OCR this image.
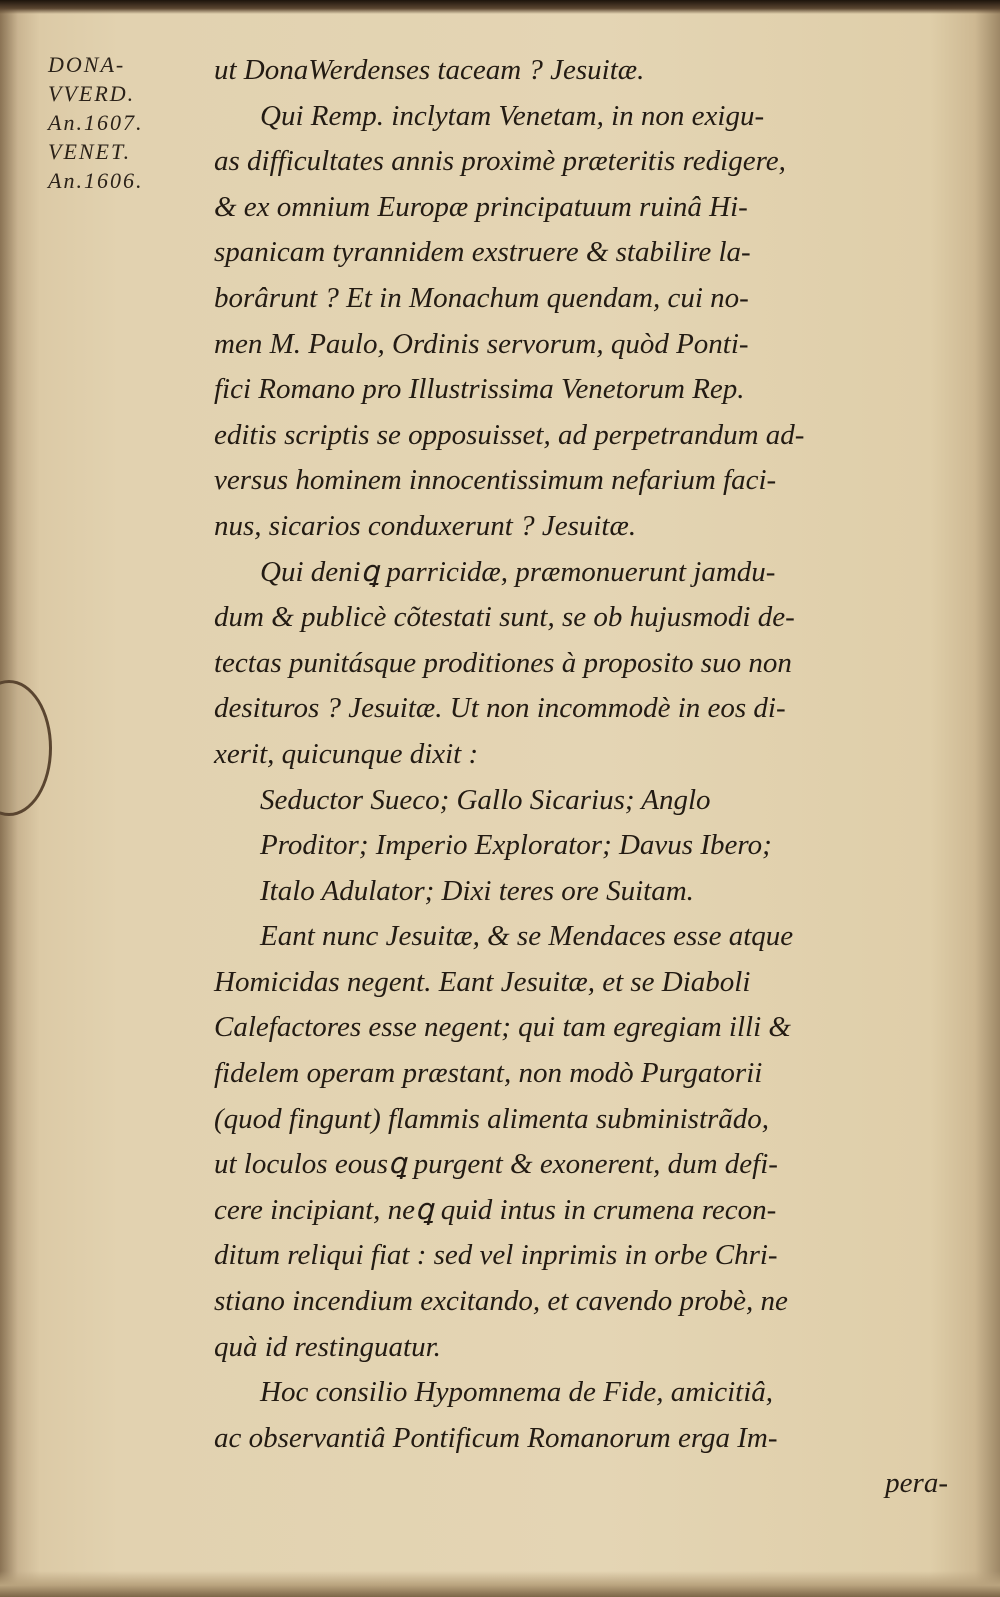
DONA-
VVERD.
An.1607.
VENET.
An.1606.
ut DonaWerdenses taceam ? Jesuitæ.
Qui Remp. inclytam Venetam, in non exigu-
as difficultates annis proximè præteritis redigere,
& ex omnium Europæ principatuum ruinâ Hi-
spanicam tyrannidem exstruere & stabilire la-
borârunt ? Et in Monachum quendam, cui no-
men M. Paulo, Ordinis servorum, quòd Ponti-
fici Romano pro Illustrissima Venetorum Rep.
editis scriptis se opposuisset, ad perpetrandum ad-
versus hominem innocentissimum nefarium faci-
nus, sicarios conduxerunt ? Jesuitæ.
Qui deniꝗ parricidæ, præmonuerunt jamdu-
dum & publicè cõtestati sunt, se ob hujusmodi de-
tectas punitásque proditiones à proposito suo non
desituros ? Jesuitæ. Ut non incommodè in eos di-
xerit, quicunque dixit :
Seductor Sueco; Gallo Sicarius; Anglo
Proditor; Imperio Explorator; Davus Ibero;
Italo Adulator; Dixi teres ore Suitam.
Eant nunc Jesuitæ, & se Mendaces esse atque
Homicidas negent. Eant Jesuitæ, et se Diaboli
Calefactores esse negent; qui tam egregiam illi &
fidelem operam præstant, non modò Purgatorii
(quod fingunt) flammis alimenta subministrãdo,
ut loculos eousꝗ purgent & exonerent, dum defi-
cere incipiant, neꝗ quid intus in crumena recon-
ditum reliqui fiat : sed vel inprimis in orbe Chri-
stiano incendium excitando, et cavendo probè, ne
quà id restinguatur.
Hoc consilio Hypomnema de Fide, amicitiâ,
ac observantiâ Pontificum Romanorum erga Im-
pera-
